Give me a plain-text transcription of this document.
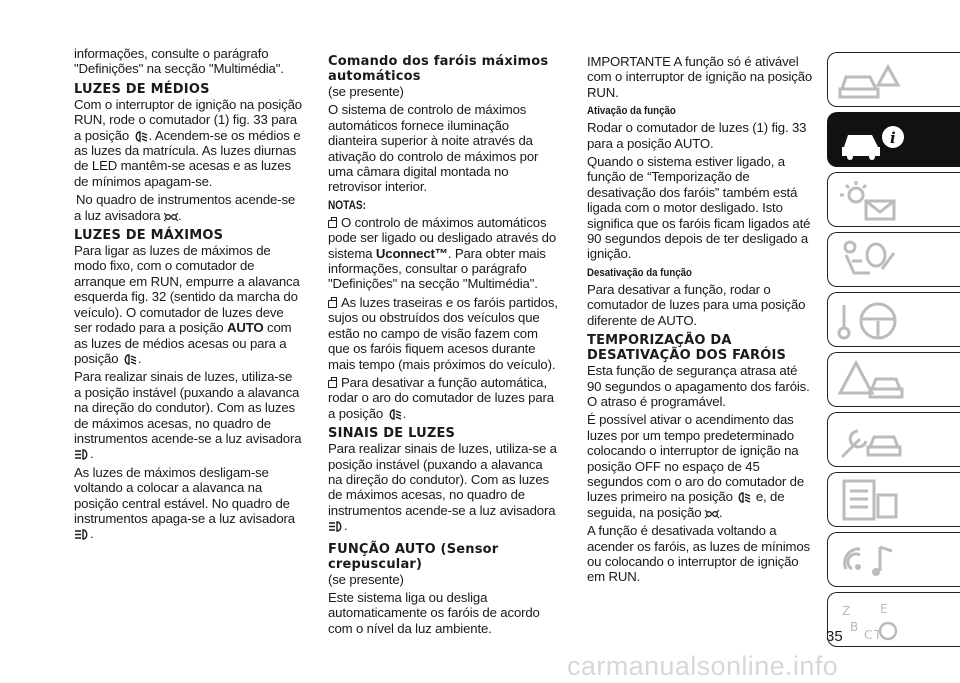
informações, consulte o parágrafo "Definições" na secção "Multimédia".

LUZES DE MÉDIOS

Com o interruptor de ignição na posição RUN, rode o comutador (1) fig. 33 para a posição . Acendem-se os médios e as luzes da matrícula. As luzes diurnas de LED mantêm-se acesas e as luzes de mínimos apagam-se.

No quadro de instrumentos acende-se a luz avisadora .

LUZES DE MÁXIMOS

Para ligar as luzes de máximos de modo fixo, com o comutador de arranque em RUN, empurre a alavanca esquerda fig. 32 (sentido da marcha do veículo). O comutador de luzes deve ser rodado para a posição AUTO com as luzes de médios acesas ou para a posição .

Para realizar sinais de luzes, utiliza-se a posição instável (puxando a alavanca na direção do condutor). Com as luzes de máximos acesas, no quadro de instrumentos acende-se a luz avisadora .

As luzes de máximos desligam-se voltando a colocar a alavanca na posição central estável. No quadro de instrumentos apaga-se a luz avisadora .

Comando dos faróis máximos automáticos

(se presente)

O sistema de controlo de máximos automáticos fornece iluminação dianteira superior à noite através da ativação do controlo de máximos por uma câmara digital montada no retrovisor interior.

NOTAS:

O controlo de máximos automáticos pode ser ligado ou desligado através do sistema Uconnect™. Para obter mais informações, consultar o parágrafo "Definições" na secção "Multimédia".

As luzes traseiras e os faróis partidos, sujos ou obstruídos dos veículos que estão no campo de visão fazem com que os faróis fiquem acesos durante mais tempo (mais próximos do veículo).

Para desativar a função automática, rodar o aro do comutador de luzes para a posição .

SINAIS DE LUZES

Para realizar sinais de luzes, utiliza-se a posição instável (puxando a alavanca na direção do condutor). Com as luzes de máximos acesas, no quadro de instrumentos acende-se a luz avisadora.

FUNÇÃO AUTO (Sensor crepuscular)

(se presente)

Este sistema liga ou desliga automaticamente os faróis de acordo com o nível da luz ambiente.

IMPORTANTE A função só é ativável com o interruptor de ignição na posição RUN.

Ativação da função

Rodar o comutador de luzes (1) fig. 33 para a posição AUTO.

Quando o sistema estiver ligado, a função de “Temporização de desativação dos faróis” também está ligada com o motor desligado. Isto significa que os faróis ficam ligados até 90 segundos depois de ter desligado a ignição.

Desativação da função

Para desativar a função, rodar o comutador de luzes para uma posição diferente de AUTO.

TEMPORIZAÇÃO DA DESATIVAÇÃO DOS FARÓIS

Esta função de segurança atrasa até 90 segundos o apagamento dos faróis. O atraso é programável.

É possível ativar o acendimento das luzes por um tempo predeterminado colocando o interruptor de ignição na posição OFF no espaço de 45 segundos com o aro do comutador de luzes primeiro na posição e, de seguida, na posição .

A função é desativada voltando a acender os faróis, as luzes de mínimos ou colocando o interruptor de ignição em RUN.

i
Z E
B
C T
35
carmanualsonline.info
